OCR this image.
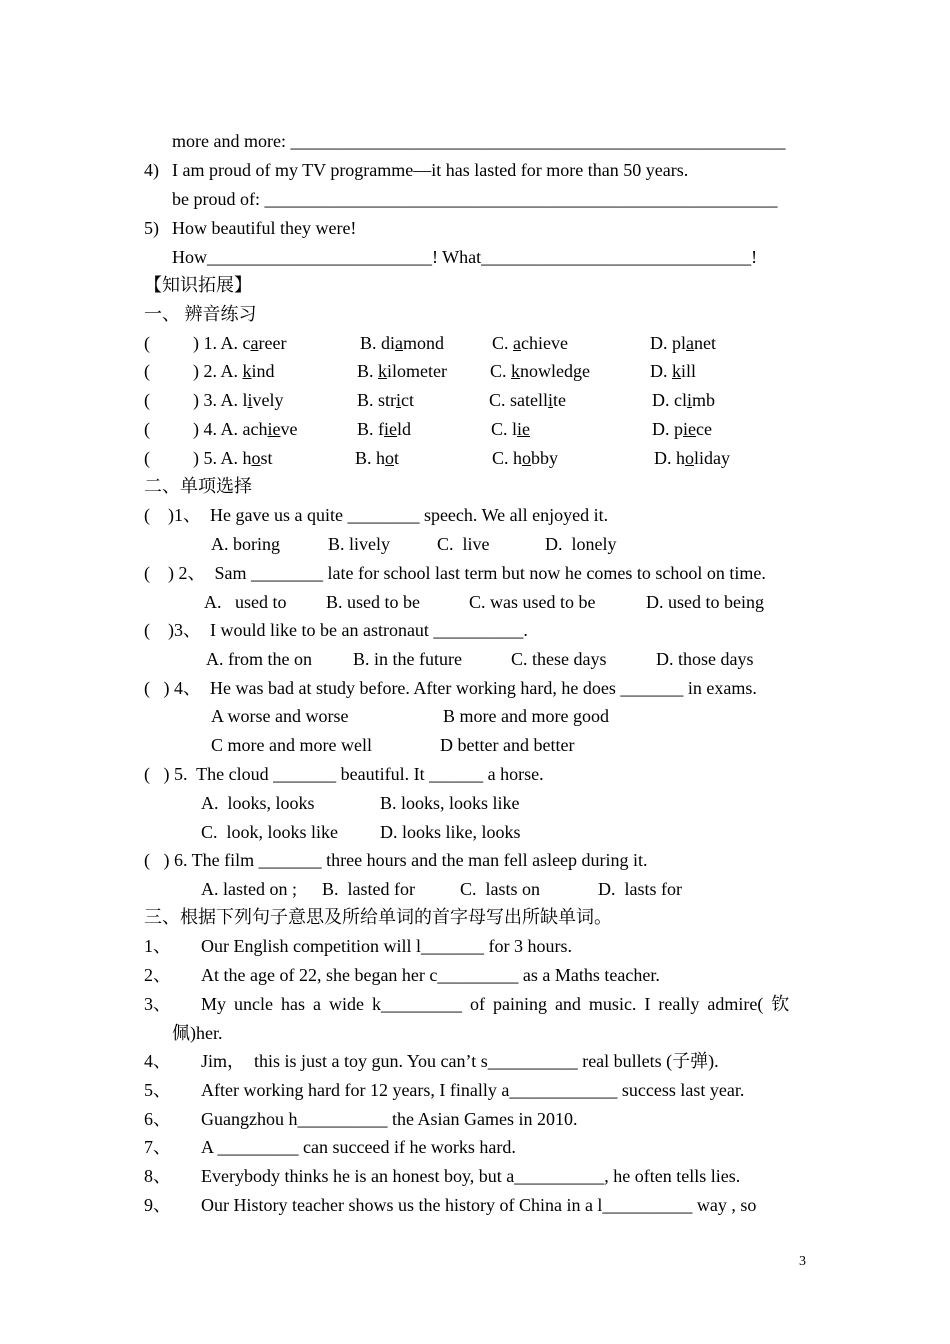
more and more: _______________________________________________________
4) I am proud of my TV programme—it has lasted for more than 50 years.
be proud of: _________________________________________________________
5) How beautiful they were!
How_________________________! What______________________________!
【知识拓展】
一、 辨音练习
( ) 1. A. career	B. diamond	C. achieve	D. planet
( ) 2. A. kind	B. kilometer C. knowledge	D. kill
( ) 3. A. lively	B. strict	C. satellite	D. climb
( ) 4. A. achieve	B. field	C. lie	D. piece
( ) 5. A. host	B. hot	C. hobby	D. holiday
二、单项选择
(    )1、  He gave us a quite ________ speech. We all enjoyed it.
A. boring	B. lively	C.  live	D.  lonely
(    ) 2、  Sam ________ late for school last term but now he comes to school on time.
A.   used to B. used to be	C. was used to be	D. used to being
(    )3、  I would like to be an astronaut __________.
A. from the on B. in the future	C. these days	D. those days
(   ) 4、  He was bad at study before. After working hard, he does _______ in exams.
A worse and worse	B more and more good
C more and more well	D better and better
(   ) 5.  The cloud _______ beautiful. It ______ a horse.
A.  looks, looks	B. looks, looks like
C.  look, looks like D. looks like, looks
(   ) 6. The film _______ three hours and the man fell asleep during it.
A. lasted on ; B.  lasted for	C.  lasts on	D.  lasts for
三、根据下列句子意思及所给单词的首字母写出所缺单词。
1、 Our English competition will l_______ for 3 hours.
2、 At the age of 22, she began her c_________ as a Maths teacher.
3、 My uncle has a wide k_________ of paining and music. I really admire( 钦
佩)her.
4、 Jim，  this is just a toy gun. You can’t s__________ real bullets (子弹).
5、 After working hard for 12 years, I finally a____________ success last year.
6、 Guangzhou h__________ the Asian Games in 2010.
7、 A _________ can succeed if he works hard.
8、 Everybody thinks he is an honest boy, but a__________, he often tells lies.
9、 Our History teacher shows us the history of China in a l__________ way , so
3
